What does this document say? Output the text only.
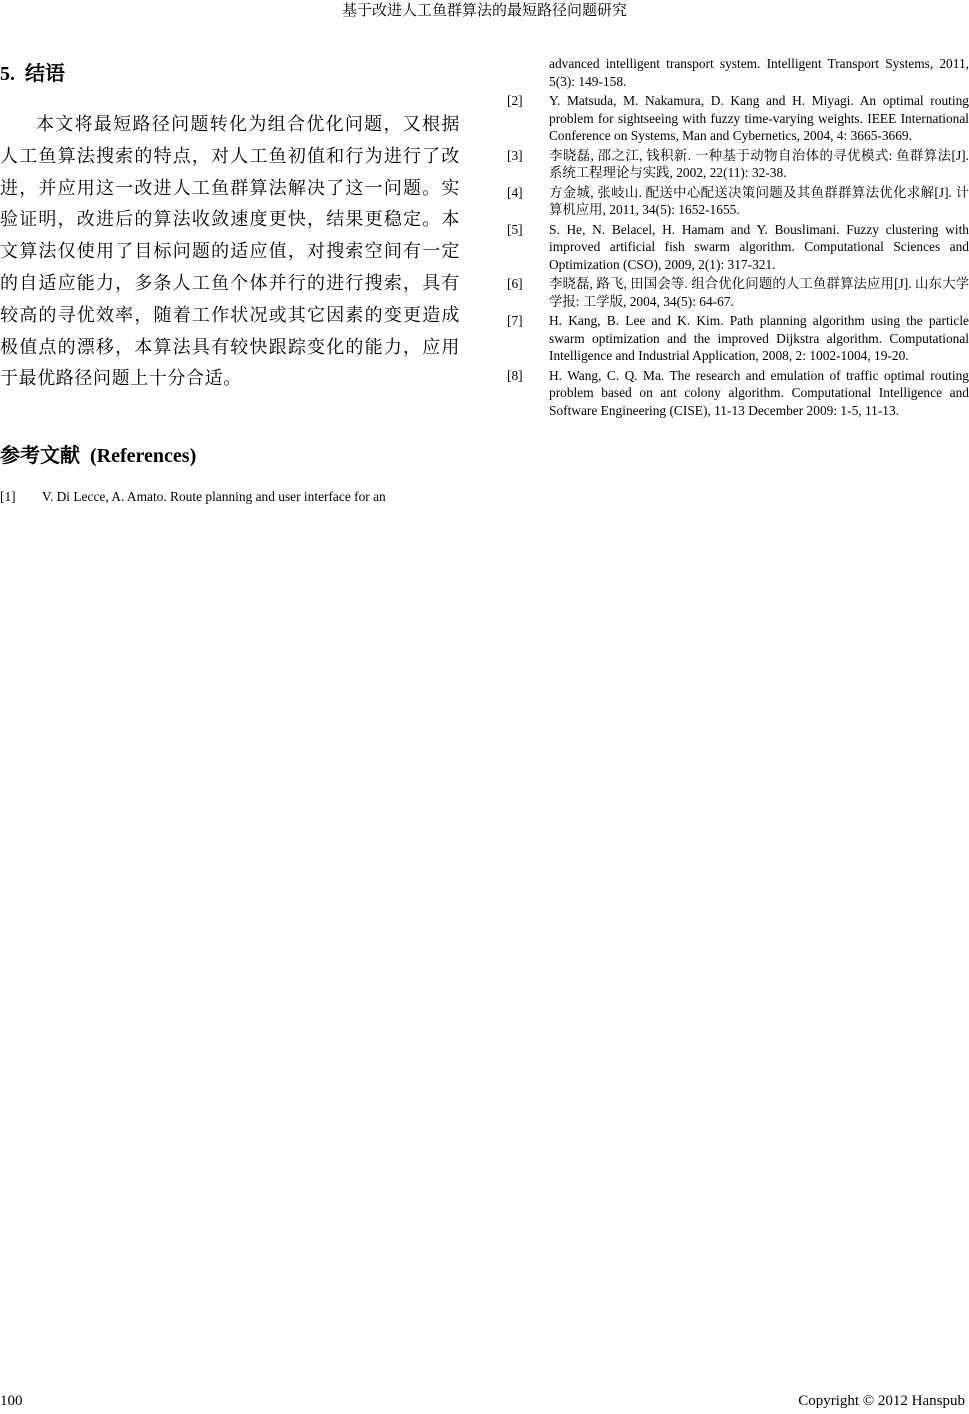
基于改进人工鱼群算法的最短路径问题研究
5. 结语

本文将最短路径问题转化为组合优化问题，又根据人工鱼算法搜索的特点，对人工鱼初值和行为进行了改进，并应用这一改进人工鱼群算法解决了这一问题。实验证明，改进后的算法收敛速度更快，结果更稳定。本文算法仅使用了目标问题的适应值，对搜索空间有一定的自适应能力，多条人工鱼个体并行的进行搜索，具有较高的寻优效率，随着工作状况或其它因素的变更造成极值点的漂移，本算法具有较快跟踪变化的能力，应用于最优路径问题上十分合适。

参考文献 (References)
[1] V. Di Lecce, A. Amato. Route planning and user interface for an
advanced intelligent transport system. Intelligent Transport Systems, 2011, 5(3): 149-158.
[2] Y. Matsuda, M. Nakamura, D. Kang and H. Miyagi. An optimal routing problem for sightseeing with fuzzy time-varying weights. IEEE International Conference on Systems, Man and Cybernetics, 2004, 4: 3665-3669.
[3] 李晓磊, 邵之江, 钱积新. 一种基于动物自治体的寻优模式: 鱼群算法[J]. 系统工程理论与实践, 2002, 22(11): 32-38.
[4] 方金城, 张岐山. 配送中心配送决策问题及其鱼群群算法优化求解[J]. 计算机应用, 2011, 34(5): 1652-1655.
[5] S. He, N. Belacel, H. Hamam and Y. Bouslimani. Fuzzy clustering with improved artificial fish swarm algorithm. Computational Sciences and Optimization (CSO), 2009, 2(1): 317-321.
[6] 李晓磊, 路飞, 田国会等. 组合优化问题的人工鱼群算法应用[J]. 山东大学学报: 工学版, 2004, 34(5): 64-67.
[7] H. Kang, B. Lee and K. Kim. Path planning algorithm using the particle swarm optimization and the improved Dijkstra algorithm. Computational Intelligence and Industrial Application, 2008, 2: 1002-1004, 19-20.
[8] H. Wang, C. Q. Ma. The research and emulation of traffic optimal routing problem based on ant colony algorithm. Computational Intelligence and Software Engineering (CISE), 11-13 December 2009: 1-5, 11-13.
100	Copyright © 2012 Hanspub
